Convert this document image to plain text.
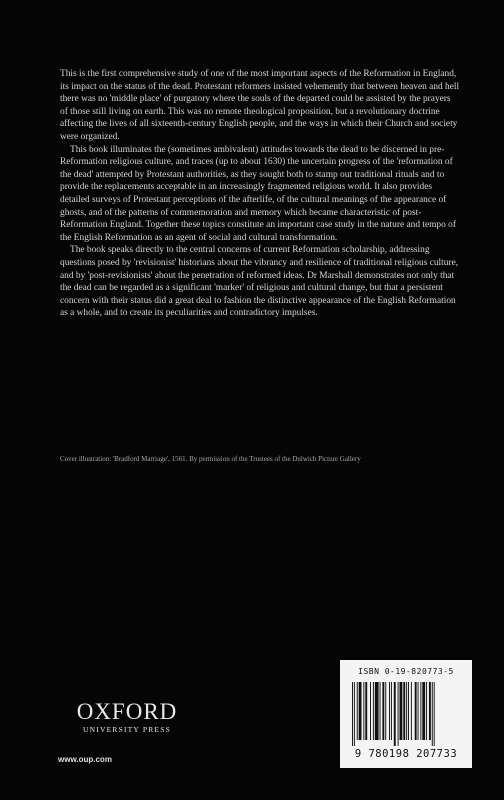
This is the first comprehensive study of one of the most important aspects of the Reformation in England, its impact on the status of the dead. Protestant reformers insisted vehemently that between heaven and hell there was no 'middle place' of purgatory where the souls of the departed could be assisted by the prayers of those still living on earth. This was no remote theological proposition, but a revolutionary doctrine affecting the lives of all sixteenth-century English people, and the ways in which their Church and society were organized.

This book illuminates the (sometimes ambivalent) attitudes towards the dead to be discerned in pre-Reformation religious culture, and traces (up to about 1630) the uncertain progress of the 'reformation of the dead' attempted by Protestant authorities, as they sought both to stamp out traditional rituals and to provide the replacements acceptable in an increasingly fragmented religious world. It also provides detailed surveys of Protestant perceptions of the afterlife, of the cultural meanings of the appearance of ghosts, and of the patterns of commemoration and memory which became characteristic of post-Reformation England. Together these topics constitute an important case study in the nature and tempo of the English Reformation as an agent of social and cultural transformation.

The book speaks directly to the central concerns of current Reformation scholarship, addressing questions posed by 'revisionist' historians about the vibrancy and resilience of traditional religious culture, and by 'post-revisionists' about the penetration of reformed ideas. Dr Marshall demonstrates not only that the dead can be regarded as a significant 'marker' of religious and cultural change, but that a persistent concern with their status did a great deal to fashion the distinctive appearance of the English Reformation as a whole, and to create its peculiarities and contradictory impulses.

Cover illustration: 'Bradford Marriage', 1561. By permission of the Trustees of the Dulwich Picture Gallery
OXFORD
UNIVERSITY PRESS
www.oup.com
ISBN 0-19-820773-5
9 780198 207733
